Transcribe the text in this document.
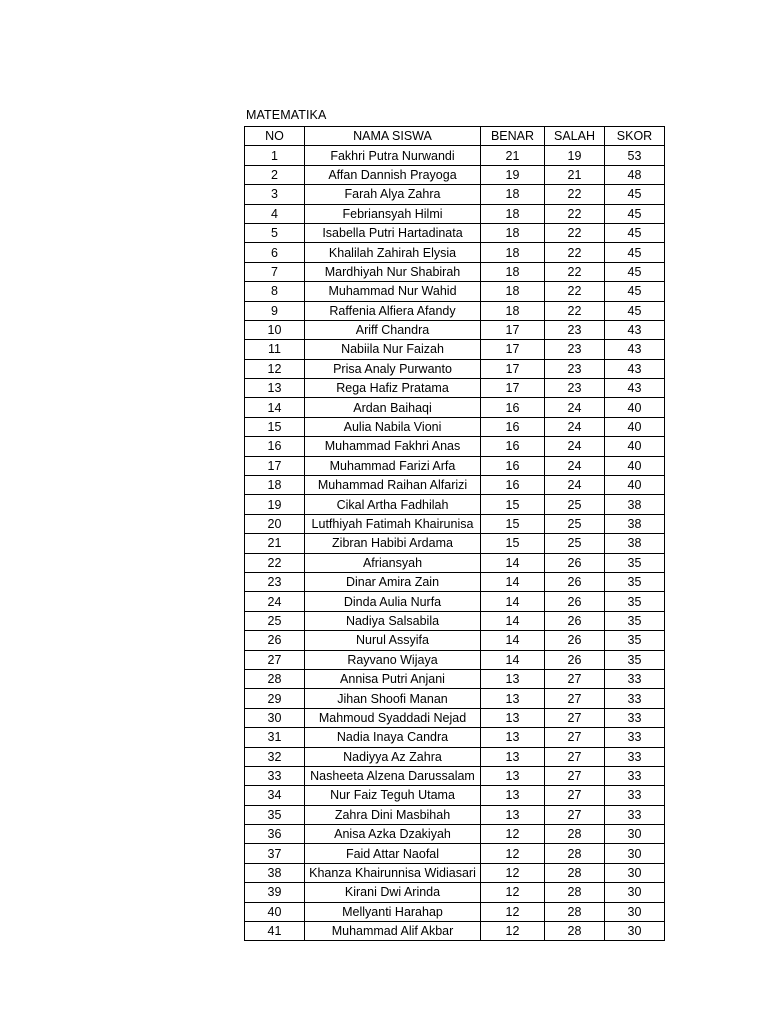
MATEMATIKA
NO	NAMA SISWA	BENAR	SALAH	SKOR
1	Fakhri Putra Nurwandi	21	19	53
2	Affan Dannish Prayoga	19	21	48
3	Farah Alya Zahra	18	22	45
4	Febriansyah Hilmi	18	22	45
5	Isabella Putri Hartadinata	18	22	45
6	Khalilah Zahirah Elysia	18	22	45
7	Mardhiyah Nur Shabirah	18	22	45
8	Muhammad Nur Wahid	18	22	45
9	Raffenia Alfiera Afandy	18	22	45
10	Ariff Chandra	17	23	43
11	Nabiila Nur Faizah	17	23	43
12	Prisa Analy Purwanto	17	23	43
13	Rega Hafiz Pratama	17	23	43
14	Ardan Baihaqi	16	24	40
15	Aulia Nabila Vioni	16	24	40
16	Muhammad Fakhri Anas	16	24	40
17	Muhammad Farizi Arfa	16	24	40
18	Muhammad Raihan Alfarizi	16	24	40
19	Cikal Artha Fadhilah	15	25	38
20	Lutfhiyah Fatimah Khairunisa	15	25	38
21	Zibran Habibi Ardama	15	25	38
22	Afriansyah	14	26	35
23	Dinar Amira Zain	14	26	35
24	Dinda Aulia Nurfa	14	26	35
25	Nadiya Salsabila	14	26	35
26	Nurul Assyifa	14	26	35
27	Rayvano Wijaya	14	26	35
28	Annisa Putri Anjani	13	27	33
29	Jihan Shoofi Manan	13	27	33
30	Mahmoud Syaddadi Nejad	13	27	33
31	Nadia Inaya Candra	13	27	33
32	Nadiyya Az Zahra	13	27	33
33	Nasheeta Alzena Darussalam	13	27	33
34	Nur Faiz Teguh Utama	13	27	33
35	Zahra Dini Masbihah	13	27	33
36	Anisa Azka Dzakiyah	12	28	30
37	Faid Attar Naofal	12	28	30
38	Khanza Khairunnisa Widiasari	12	28	30
39	Kirani Dwi Arinda	12	28	30
40	Mellyanti Harahap	12	28	30
41	Muhammad Alif Akbar	12	28	30
